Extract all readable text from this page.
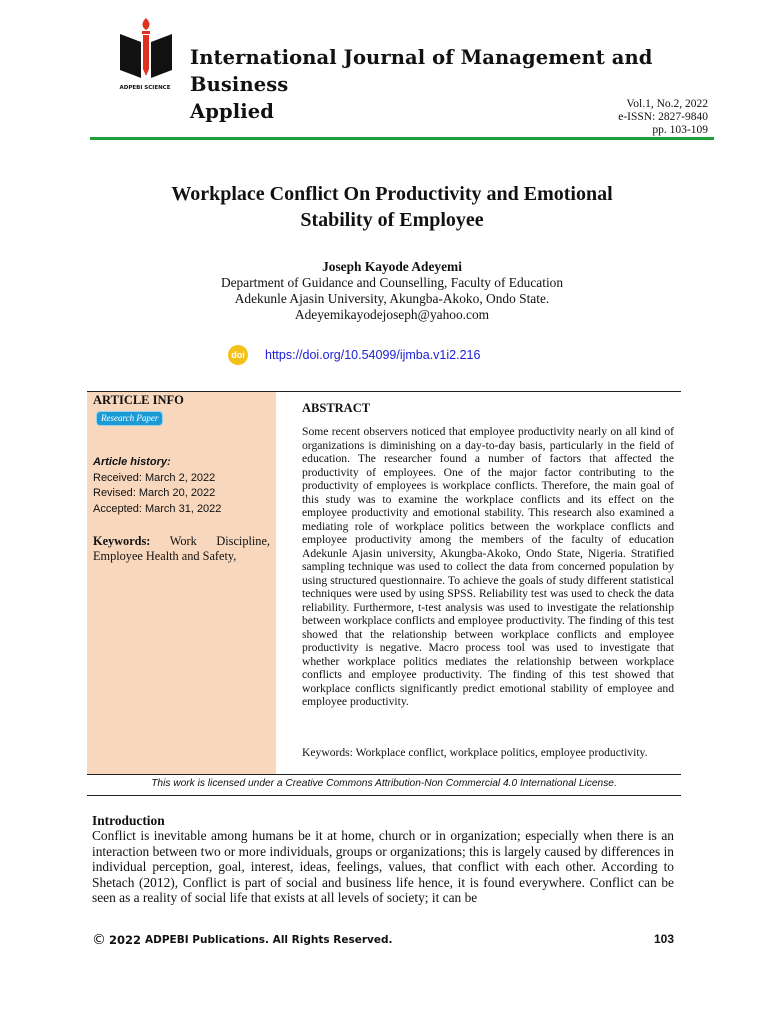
ADPEBI SCIENCE
International Journal of Management and Business
Applied	Vol.1, No.2, 2022
e-ISSN: 2827-9840
pp. 103-109
Workplace Conflict On Productivity and Emotional
Stability of Employee
Joseph Kayode Adeyemi
Department of Guidance and Counselling, Faculty of Education
Adekunle Ajasin University, Akungba-Akoko, Ondo State.
Adeyemikayodejoseph@yahoo.com
doi https://doi.org/10.54099/ijmba.v1i2.216
ARTICLE INFO
Research Paper
Article history:
Received: March 2, 2022
Revised: March 20, 2022
Accepted: March 31, 2022
Keywords: Work Discipline, Employee Health and Safety,
ABSTRACT
Some recent observers noticed that employee productivity nearly on all kind of organizations is diminishing on a day-to-day basis, particularly in the field of education. The researcher found a number of factors that affected the productivity of employees. One of the major factor contributing to the productivity of employees is workplace conflicts. Therefore, the main goal of this study was to examine the workplace conflicts and its effect on the employee productivity and emotional stability. This research also examined a mediating role of workplace politics between the workplace conflicts and employee productivity among the members of the faculty of education Adekunle Ajasin university, Akungba-Akoko, Ondo State, Nigeria. Stratified sampling technique was used to collect the data from concerned population by using structured questionnaire. To achieve the goals of study different statistical techniques were used by using SPSS. Reliability test was used to check the data reliability. Furthermore, t-test analysis was used to investigate the relationship between workplace conflicts and employee productivity. The finding of this test showed that the relationship between workplace conflicts and employee productivity is negative. Macro process tool was used to investigate that whether workplace politics mediates the relationship between workplace conflicts and employee productivity. The finding of this test showed that workplace conflicts significantly predict emotional stability of employee and employee productivity.
Keywords: Workplace conflict, workplace politics, employee productivity.
This work is licensed under a Creative Commons Attribution-Non Commercial 4.0 International License.
Introduction
Conflict is inevitable among humans be it at home, church or in organization; especially when there is an interaction between two or more individuals, groups or organizations; this is largely caused by differences in individual perception, goal, interest, ideas, feelings, values, that conflict with each other. According to Shetach (2012), Conflict is part of social and business life hence, it is found everywhere. Conflict can be seen as a reality of social life that exists at all levels of society; it can be
© 2022 ADPEBI Publications. All Rights Reserved.	103
